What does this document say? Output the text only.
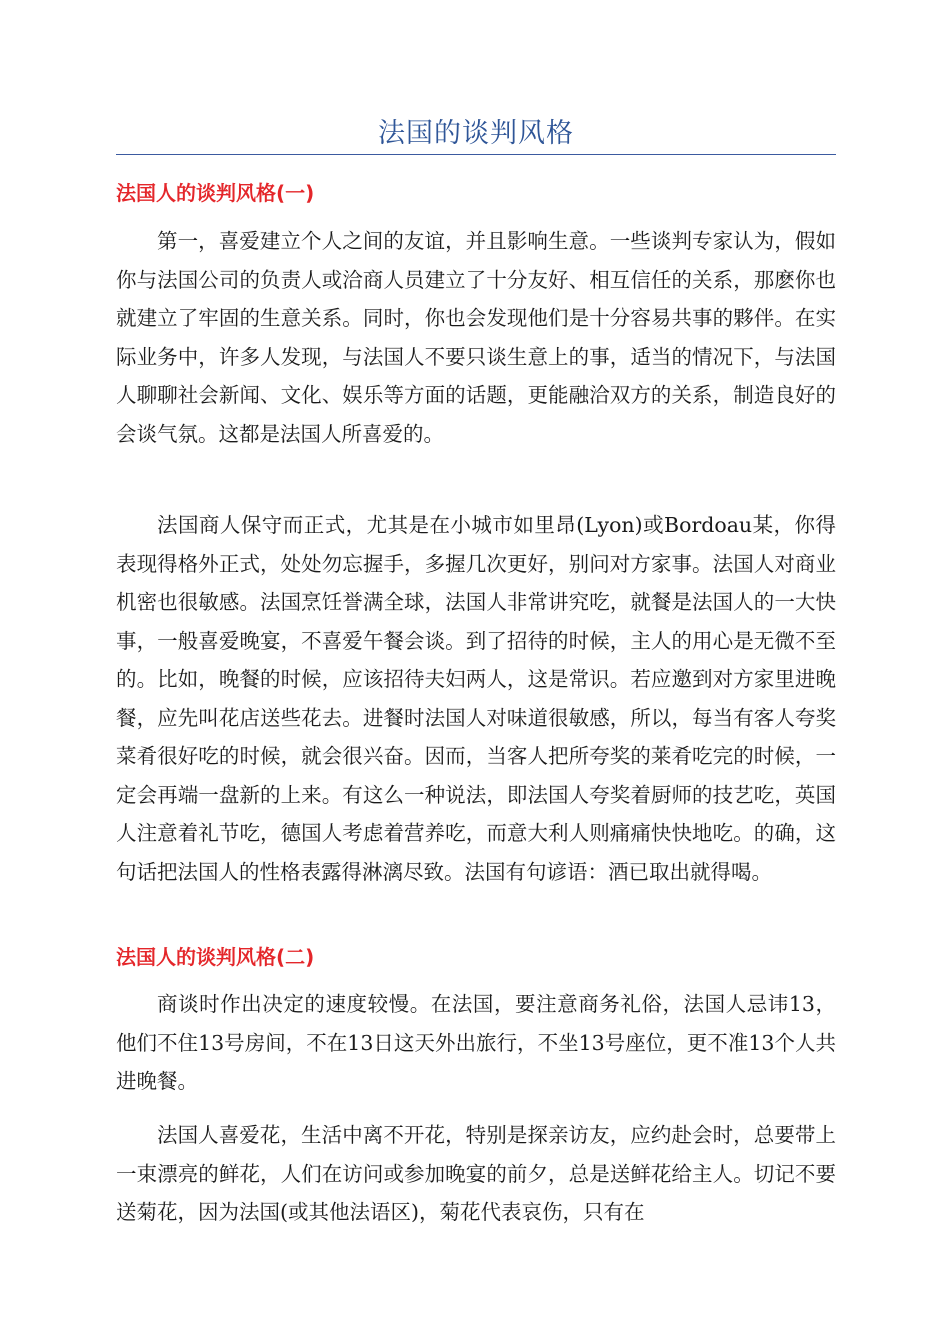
法国的谈判风格
法国人的谈判风格(一)

第一，喜爱建立个人之间的友谊，并且影响生意。一些谈判专家认为，假如你与法国公司的负责人或洽商人员建立了十分友好、相互信任的关系，那麽你也就建立了牢固的生意关系。同时，你也会发现他们是十分容易共事的夥伴。在实际业务中，许多人发现，与法国人不要只谈生意上的事，适当的情况下，与法国人聊聊社会新闻、文化、娱乐等方面的话题，更能融洽双方的关系，制造良好的会谈气氛。这都是法国人所喜爱的。

法国商人保守而正式，尤其是在小城市如里昂(Lyon)或Bordoau某，你得表现得格外正式，处处勿忘握手，多握几次更好，别问对方家事。法国人对商业机密也很敏感。法国烹饪誉满全球，法国人非常讲究吃，就餐是法国人的一大快事，一般喜爱晚宴，不喜爱午餐会谈。到了招待的时候，主人的用心是无微不至的。比如，晚餐的时候，应该招待夫妇两人，这是常识。若应邀到对方家里进晚餐，应先叫花店送些花去。进餐时法国人对味道很敏感，所以，每当有客人夸奖菜肴很好吃的时候，就会很兴奋。因而，当客人把所夸奖的莱肴吃完的时候，一定会再端一盘新的上来。有这么一种说法，即法国人夸奖着厨师的技艺吃，英国人注意着礼节吃，德国人考虑着营养吃，而意大利人则痛痛快快地吃。的确，这句话把法国人的性格表露得淋漓尽致。法国有句谚语：酒已取出就得喝。

法国人的谈判风格(二)

商谈时作出决定的速度较慢。在法国，要注意商务礼俗，法国人忌讳13，他们不住13号房间，不在13日这天外出旅行，不坐13号座位，更不准13个人共进晚餐。

法国人喜爱花，生活中离不开花，特别是探亲访友，应约赴会时，总要带上一束漂亮的鲜花，人们在访问或参加晚宴的前夕，总是送鲜花给主人。切记不要送菊花，因为法国(或其他法语区)，菊花代表哀伤，只有在
